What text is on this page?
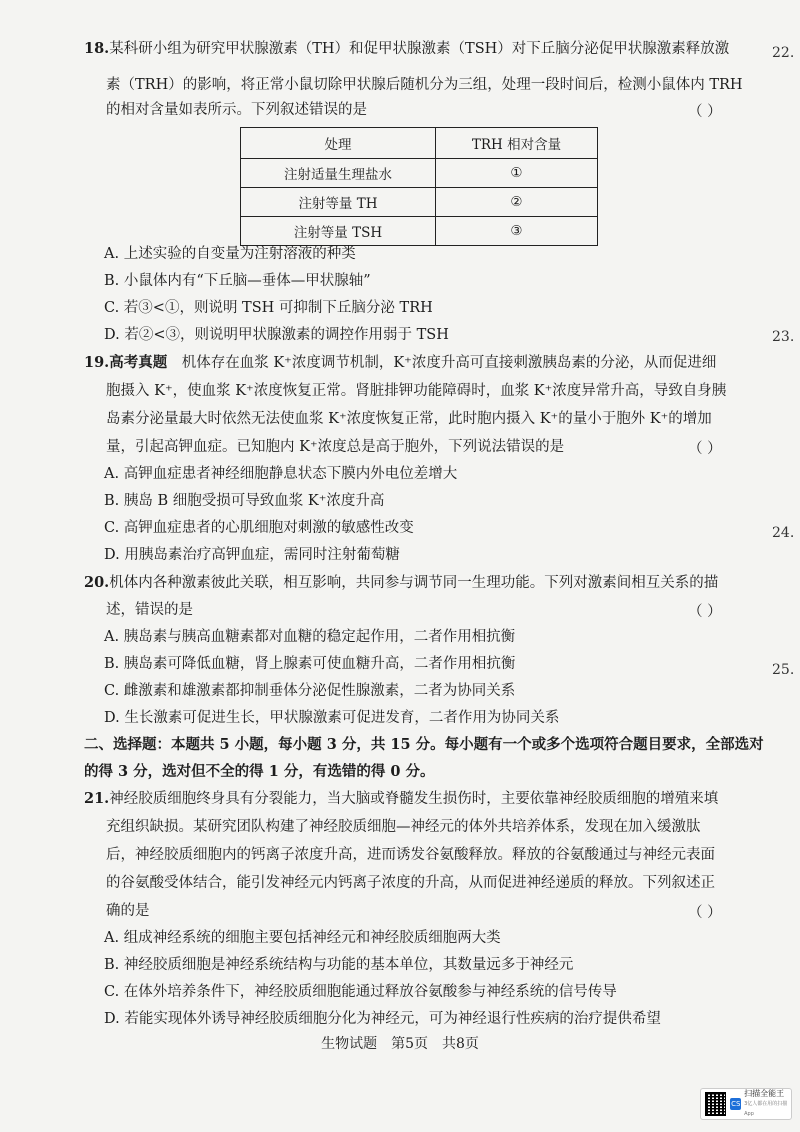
18.某科研小组为研究甲状腺激素（TH）和促甲状腺激素（TSH）对下丘脑分泌促甲状腺激素释放激
素（TRH）的影响，将正常小鼠切除甲状腺后随机分为三组，处理一段时间后，检测小鼠体内 TRH
的相对含量如表所示。下列叙述错误的是	（ ）
处理	TRH 相对含量
注射适量生理盐水	①
注射等量 TH	②
注射等量 TSH	③
A. 上述实验的自变量为注射溶液的种类
B. 小鼠体内有“下丘脑—垂体—甲状腺轴”
C. 若③<①，则说明 TSH 可抑制下丘脑分泌 TRH
D. 若②<③，则说明甲状腺激素的调控作用弱于 TSH
19.高考真题　 机体存在血浆 K⁺浓度调节机制，K⁺浓度升高可直接刺激胰岛素的分泌，从而促进细
胞摄入 K⁺，使血浆 K⁺浓度恢复正常。肾脏排钾功能障碍时，血浆 K⁺浓度异常升高，导致自身胰
岛素分泌量最大时依然无法使血浆 K⁺浓度恢复正常，此时胞内摄入 K⁺的量小于胞外 K⁺的增加
量，引起高钾血症。已知胞内 K⁺浓度总是高于胞外，下列说法错误的是	（ ）
A. 高钾血症患者神经细胞静息状态下膜内外电位差增大
B. 胰岛 B 细胞受损可导致血浆 K⁺浓度升高
C. 高钾血症患者的心肌细胞对刺激的敏感性改变
D. 用胰岛素治疗高钾血症，需同时注射葡萄糖
20.机体内各种激素彼此关联，相互影响，共同参与调节同一生理功能。下列对激素间相互关系的描
述，错误的是	（ ）
A. 胰岛素与胰高血糖素都对血糖的稳定起作用，二者作用相抗衡
B. 胰岛素可降低血糖，肾上腺素可使血糖升高，二者作用相抗衡
C. 雌激素和雄激素都抑制垂体分泌促性腺激素，二者为协同关系
D. 生长激素可促进生长，甲状腺激素可促进发育，二者作用为协同关系
二、选择题：本题共 5 小题，每小题 3 分，共 15 分。每小题有一个或多个选项符合题目要求，全部选对
的得 3 分，选对但不全的得 1 分，有选错的得 0 分。
21.神经胶质细胞终身具有分裂能力，当大脑或脊髓发生损伤时，主要依靠神经胶质细胞的增殖来填
充组织缺损。某研究团队构建了神经胶质细胞—神经元的体外共培养体系，发现在加入缓激肽
后，神经胶质细胞内的钙离子浓度升高，进而诱发谷氨酸释放。释放的谷氨酸通过与神经元表面
的谷氨酸受体结合，能引发神经元内钙离子浓度的升高，从而促进神经递质的释放。下列叙述正
确的是	（ ）
A. 组成神经系统的细胞主要包括神经元和神经胶质细胞两大类
B. 神经胶质细胞是神经系统结构与功能的基本单位，其数量远多于神经元
C. 在体外培养条件下，神经胶质细胞能通过释放谷氨酸参与神经系统的信号传导
D. 若能实现体外诱导神经胶质细胞分化为神经元，可为神经退行性疾病的治疗提供希望
22.
23.
24.
25.
生物试题　第5页　共8页
CS
扫描全能王
3亿人都在用的扫描App
